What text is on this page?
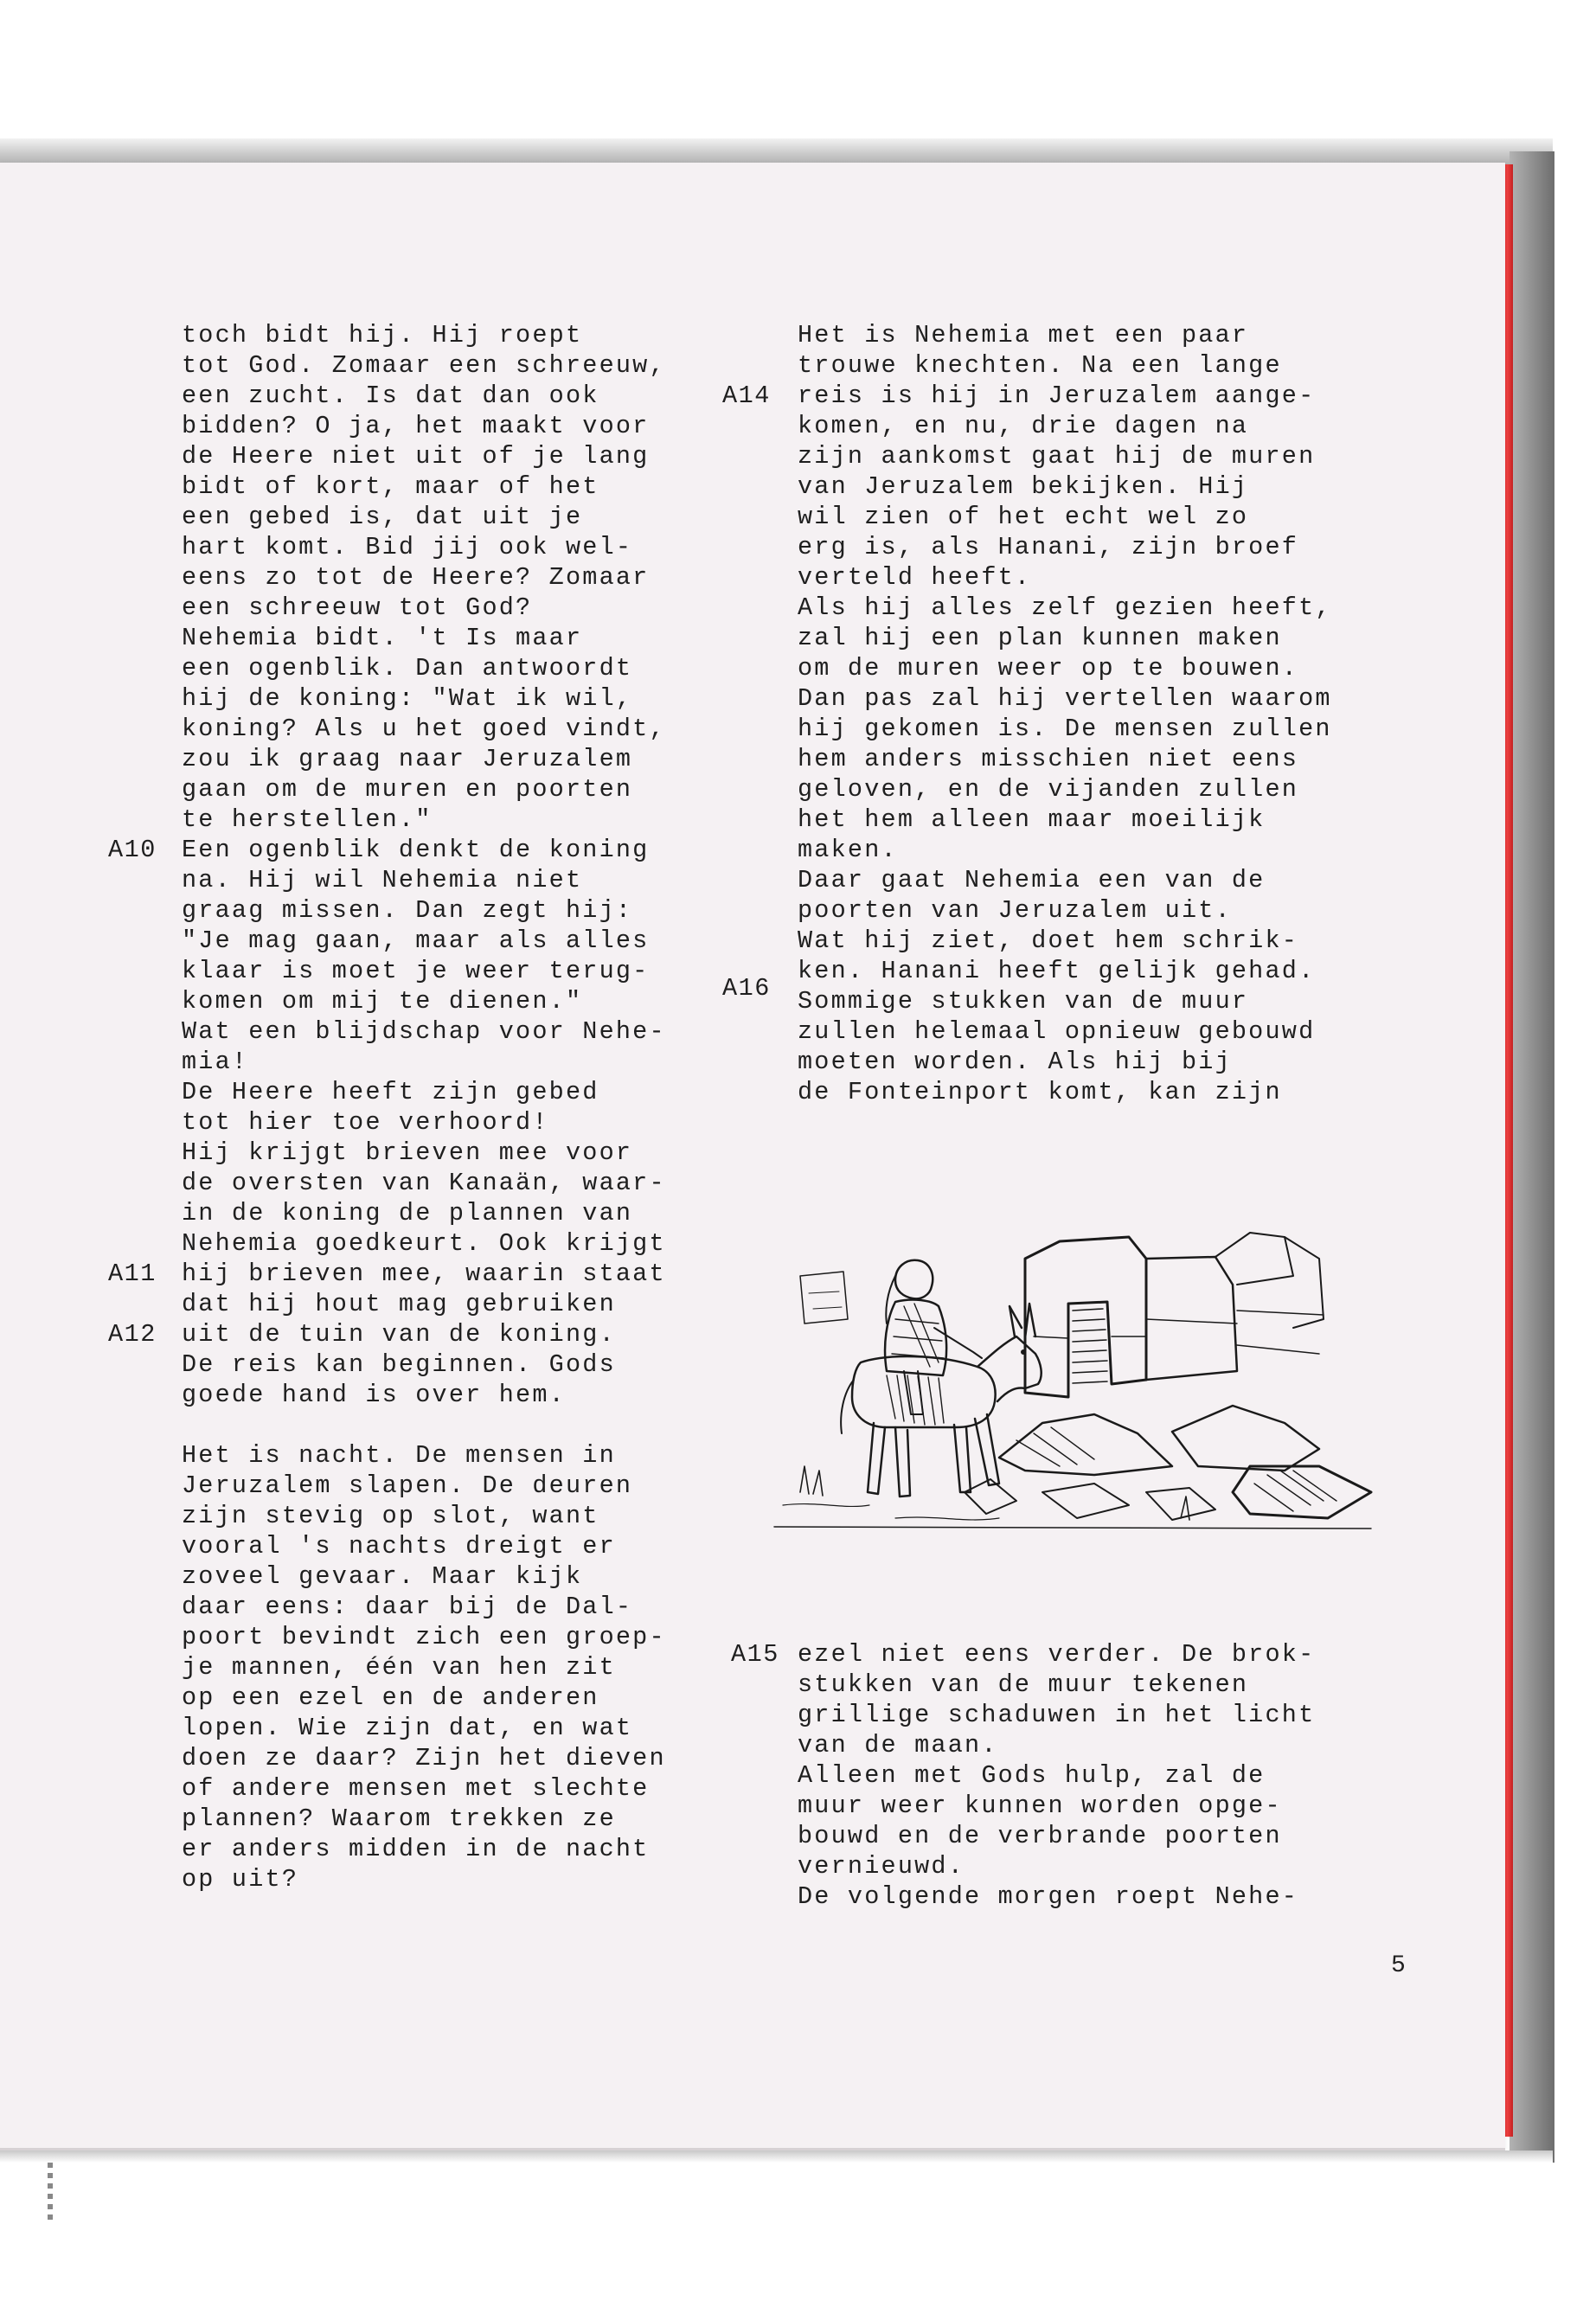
toch bidt hij. Hij roept
tot God. Zomaar een schreeuw,
een zucht. Is dat dan ook
bidden? O ja, het maakt voor
de Heere niet uit of je lang
bidt of kort, maar of het
een gebed is, dat uit je
hart komt. Bid jij ook wel-
eens zo tot de Heere? Zomaar
een schreeuw tot God?
Nehemia bidt. 't Is maar
een ogenblik. Dan antwoordt
hij de koning: "Wat ik wil,
koning? Als u het goed vindt,
zou ik graag naar Jeruzalem
gaan om de muren en poorten
te herstellen."
Een ogenblik denkt de koning
na. Hij wil Nehemia niet
graag missen. Dan zegt hij:
"Je mag gaan, maar als alles
klaar is moet je weer terug-
komen om mij te dienen."
Wat een blijdschap voor Nehe-
mia!
De Heere heeft zijn gebed
tot hier toe verhoord!
Hij krijgt brieven mee voor
de oversten van Kanaän, waar-
in de koning de plannen van
Nehemia goedkeurt. Ook krijgt
hij brieven mee, waarin staat
dat hij hout mag gebruiken
uit de tuin van de koning.
De reis kan beginnen. Gods
goede hand is over hem.
Het is nacht. De mensen in
Jeruzalem slapen. De deuren
zijn stevig op slot, want
vooral 's nachts dreigt er
zoveel gevaar. Maar kijk
daar eens: daar bij de Dal-
poort bevindt zich een groep-
je mannen, één van hen zit
op een ezel en de anderen
lopen. Wie zijn dat, en wat
doen ze daar? Zijn het dieven
of andere mensen met slechte
plannen? Waarom trekken ze
er anders midden in de nacht
op uit?
Het is Nehemia met een paar
trouwe knechten. Na een lange
reis is hij in Jeruzalem aange-
komen, en nu, drie dagen na
zijn aankomst gaat hij de muren
van Jeruzalem bekijken. Hij
wil zien of het echt wel zo
erg is, als Hanani, zijn broef
verteld heeft.
Als hij alles zelf gezien heeft,
zal hij een plan kunnen maken
om de muren weer op te bouwen.
Dan pas zal hij vertellen waarom
hij gekomen is. De mensen zullen
hem anders misschien niet eens
geloven, en de vijanden zullen
het hem alleen maar moeilijk
maken.
Daar gaat Nehemia een van de
poorten van Jeruzalem uit.
Wat hij ziet, doet hem schrik-
ken. Hanani heeft gelijk gehad.
Sommige stukken van de muur
zullen helemaal opnieuw gebouwd
moeten worden. Als hij bij
de Fonteinport komt, kan zijn
ezel niet eens verder. De brok-
stukken van de muur tekenen
grillige schaduwen in het licht
van de maan.
Alleen met Gods hulp, zal de
muur weer kunnen worden opge-
bouwd en de verbrande poorten
vernieuwd.
De volgende morgen roept Nehe-
A10
A11
A12
A14
A16
A15
5
